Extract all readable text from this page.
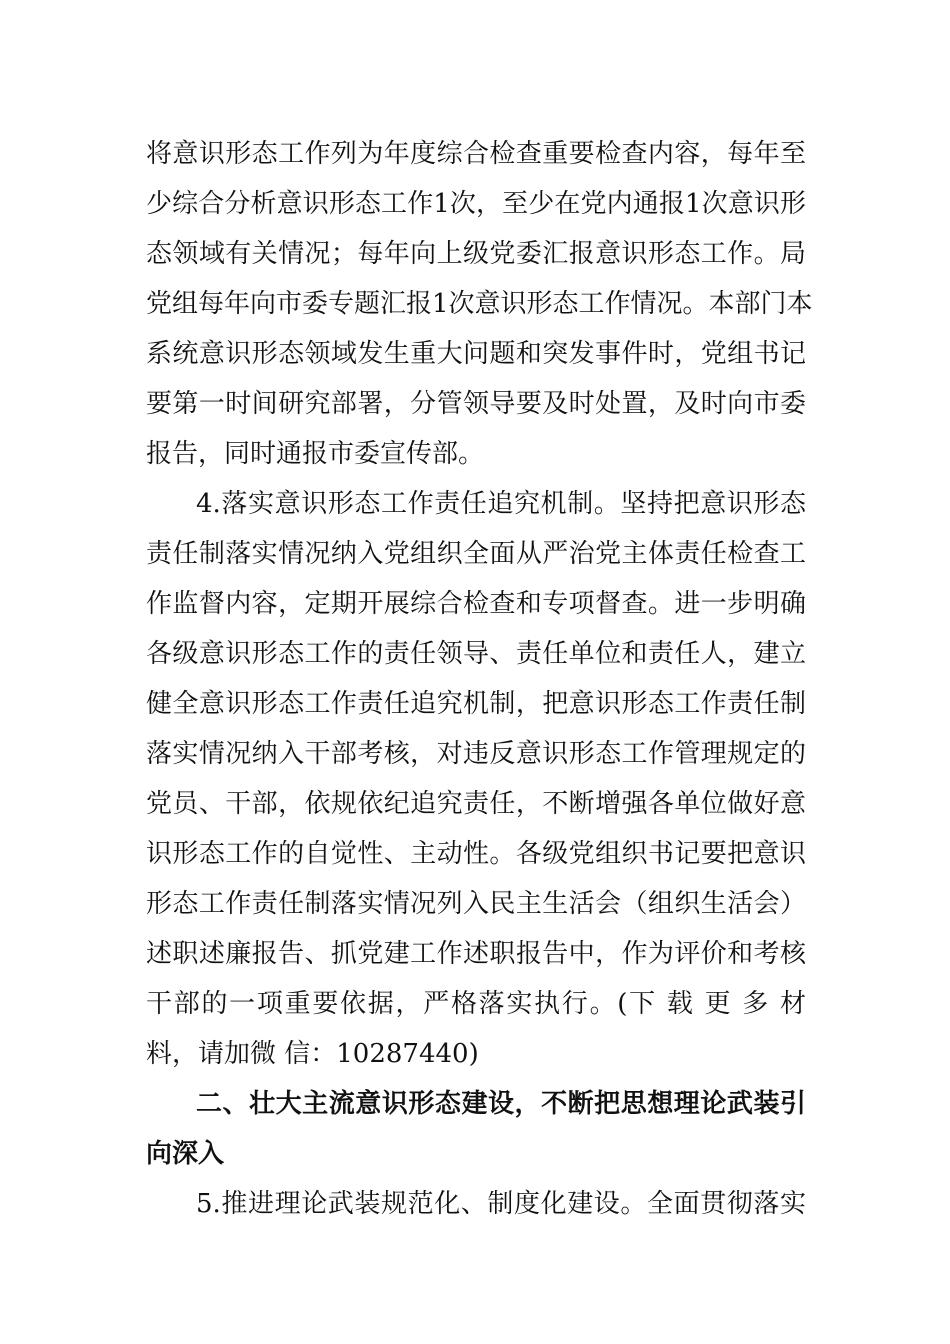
将意识形态工作列为年度综合检查重要检查内容，每年至
少综合分析意识形态工作1次，至少在党内通报1次意识形
态领域有关情况；每年向上级党委汇报意识形态工作。局
党组每年向市委专题汇报1次意识形态工作情况。本部门本
系统意识形态领域发生重大问题和突发事件时，党组书记
要第一时间研究部署，分管领导要及时处置，及时向市委
报告，同时通报市委宣传部。
4.落实意识形态工作责任追究机制。坚持把意识形态
责任制落实情况纳入党组织全面从严治党主体责任检查工
作监督内容，定期开展综合检查和专项督查。进一步明确
各级意识形态工作的责任领导、责任单位和责任人，建立
健全意识形态工作责任追究机制，把意识形态工作责任制
落实情况纳入干部考核，对违反意识形态工作管理规定的
党员、干部，依规依纪追究责任，不断增强各单位做好意
识形态工作的自觉性、主动性。各级党组织书记要把意识
形态工作责任制落实情况列入民主生活会（组织生活会）
述职述廉报告、抓党建工作述职报告中，作为评价和考核
干部的一项重要依据，严格落实执行。(下 载 更 多 材
料，请加微 信：10287440)
二、壮大主流意识形态建设，不断把思想理论武装引
向深入
5.推进理论武装规范化、制度化建设。全面贯彻落实
